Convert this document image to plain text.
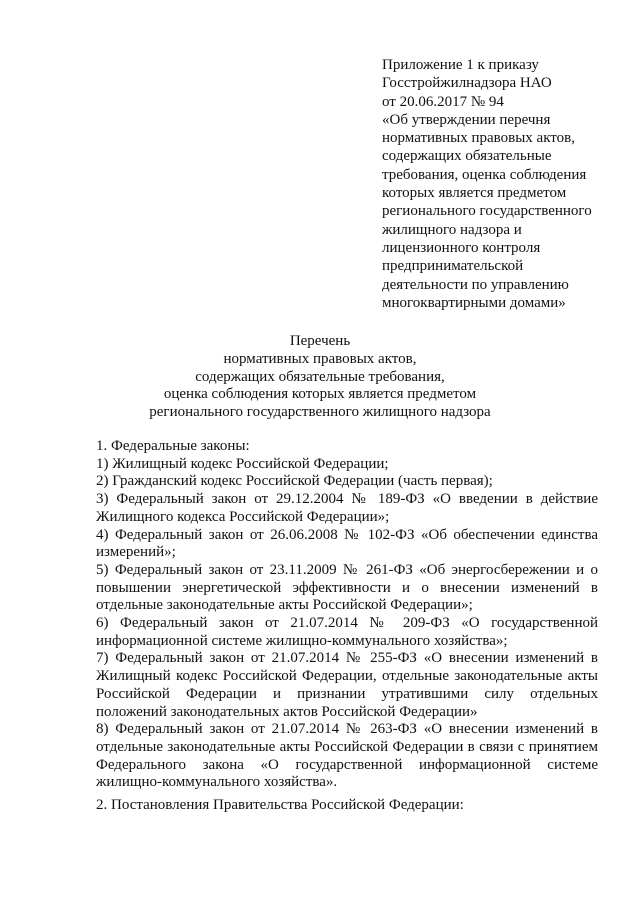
Приложение 1 к приказу
Госстройжилнадзора НАО
от 20.06.2017 № 94
«Об утверждении перечня
нормативных правовых актов,
содержащих обязательные
требования, оценка соблюдения
которых является предметом
регионального государственного
жилищного надзора и
лицензионного контроля
предпринимательской
деятельности по управлению
многоквартирными домами»
Перечень
нормативных правовых актов,
содержащих обязательные требования,
оценка соблюдения которых является предметом
регионального государственного жилищного надзора
1. Федеральные законы:
1) Жилищный кодекс Российской Федерации;
2) Гражданский кодекс Российской Федерации (часть первая);
3) Федеральный закон от 29.12.2004 № 189-ФЗ «О введении в действие
Жилищного кодекса Российской Федерации»;
4) Федеральный закон от 26.06.2008 № 102-ФЗ «Об обеспечении единства
измерений»;
5) Федеральный закон от 23.11.2009 № 261-ФЗ «Об энергосбережении и о
повышении энергетической эффективности и о внесении изменений в
отдельные законодательные акты Российской Федерации»;
6) Федеральный закон от 21.07.2014 № 209-ФЗ «О государственной
информационной системе жилищно-коммунального хозяйства»;
7) Федеральный закон от 21.07.2014 № 255-ФЗ «О внесении изменений в
Жилищный кодекс Российской Федерации, отдельные законодательные акты
Российской Федерации и признании утратившими силу отдельных
положений законодательных актов Российской Федерации»
8) Федеральный закон от 21.07.2014 № 263-ФЗ «О внесении изменений в
отдельные законодательные акты Российской Федерации в связи с принятием
Федерального закона «О государственной информационной системе
жилищно-коммунального хозяйства».
2. Постановления Правительства Российской Федерации:
